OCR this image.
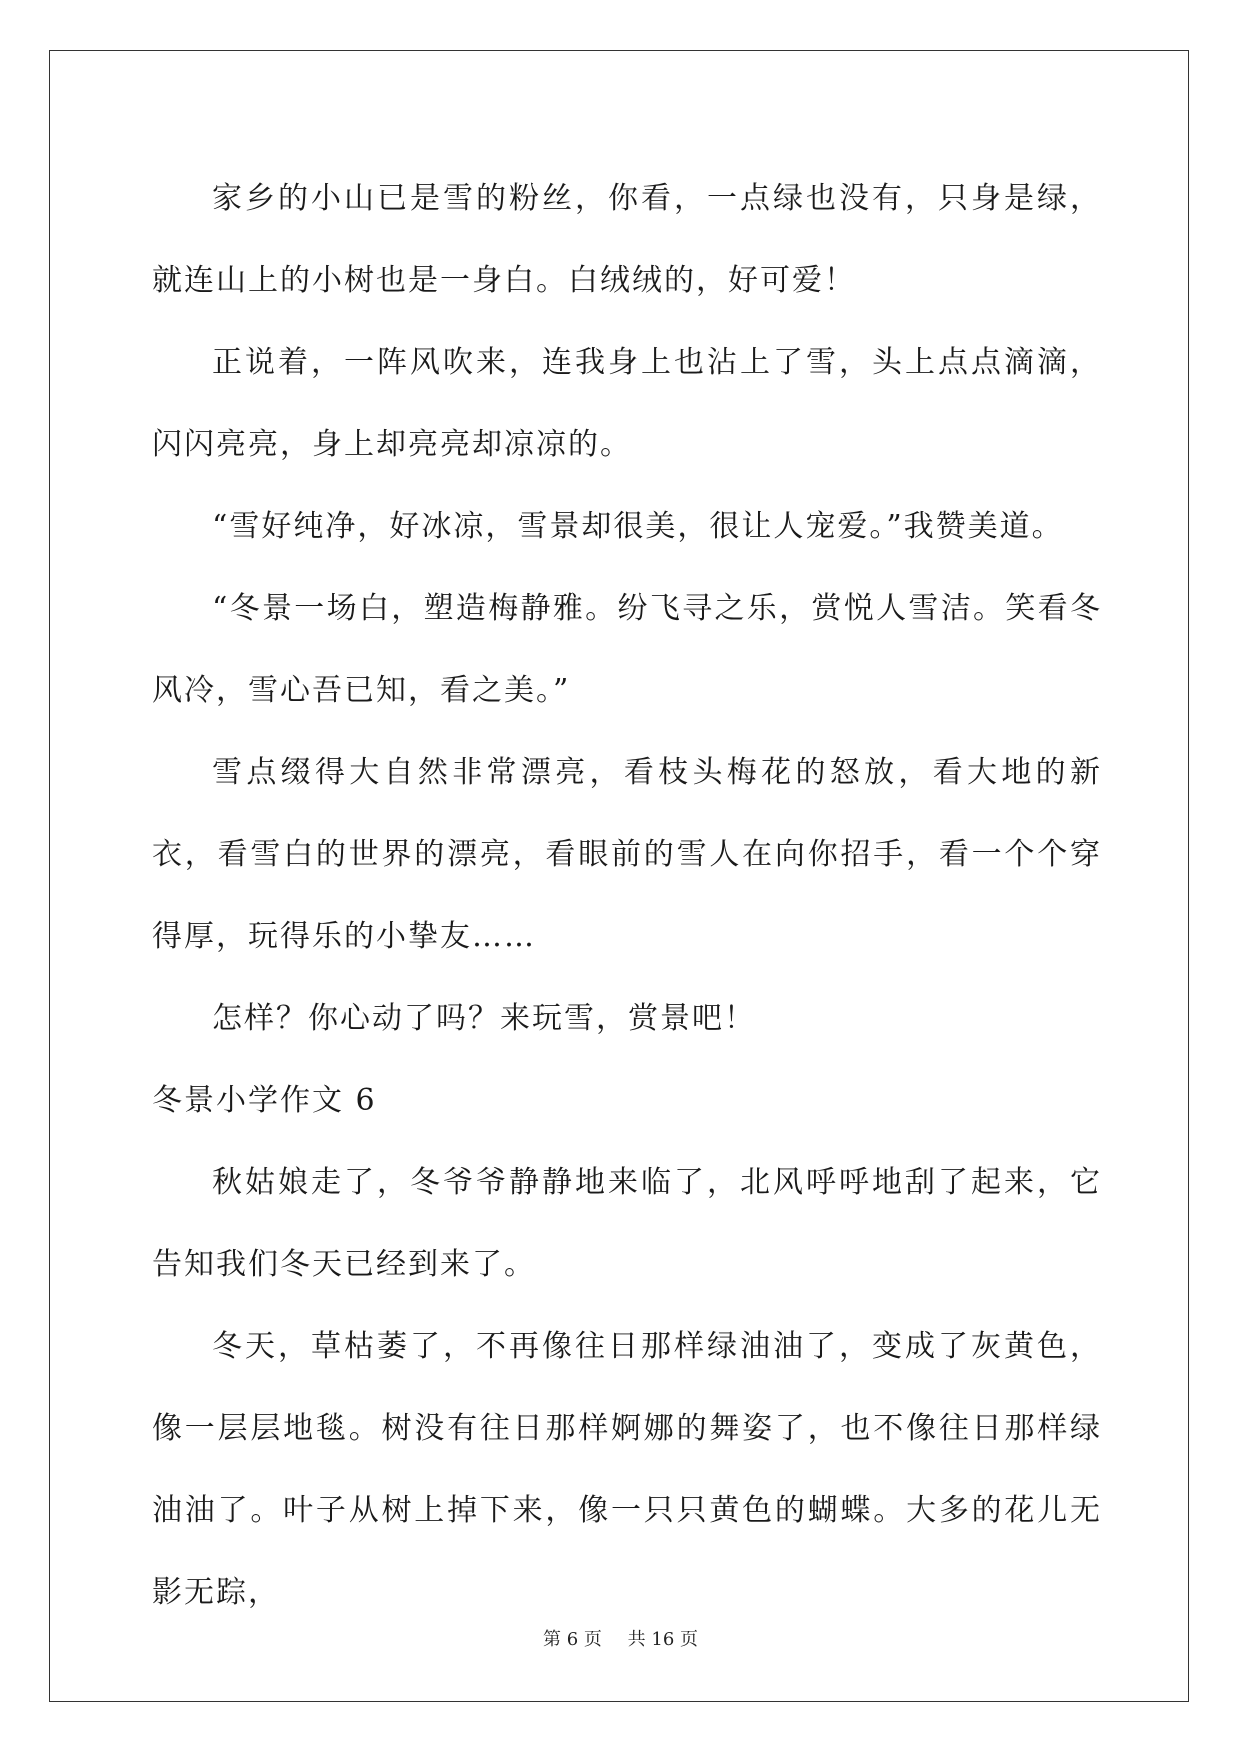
家乡的小山已是雪的粉丝，你看，一点绿也没有，只身是绿，就连山上的小树也是一身白。白绒绒的，好可爱！

正说着，一阵风吹来，连我身上也沾上了雪，头上点点滴滴，闪闪亮亮，身上却亮亮却凉凉的。

“雪好纯净，好冰凉，雪景却很美，很让人宠爱。”我赞美道。

“冬景一场白，塑造梅静雅。纷飞寻之乐，赏悦人雪洁。笑看冬风冷，雪心吾已知，看之美。”

雪点缀得大自然非常漂亮，看枝头梅花的怒放，看大地的新衣，看雪白的世界的漂亮，看眼前的雪人在向你招手，看一个个穿得厚，玩得乐的小挚友……

怎样？你心动了吗？来玩雪，赏景吧！

冬景小学作文 6

秋姑娘走了，冬爷爷静静地来临了，北风呼呼地刮了起来，它告知我们冬天已经到来了。

冬天，草枯萎了，不再像往日那样绿油油了，变成了灰黄色，像一层层地毯。树没有往日那样婀娜的舞姿了，也不像往日那样绿油油了。叶子从树上掉下来，像一只只黄色的蝴蝶。大多的花儿无影无踪，

第 6 页 共 16 页
